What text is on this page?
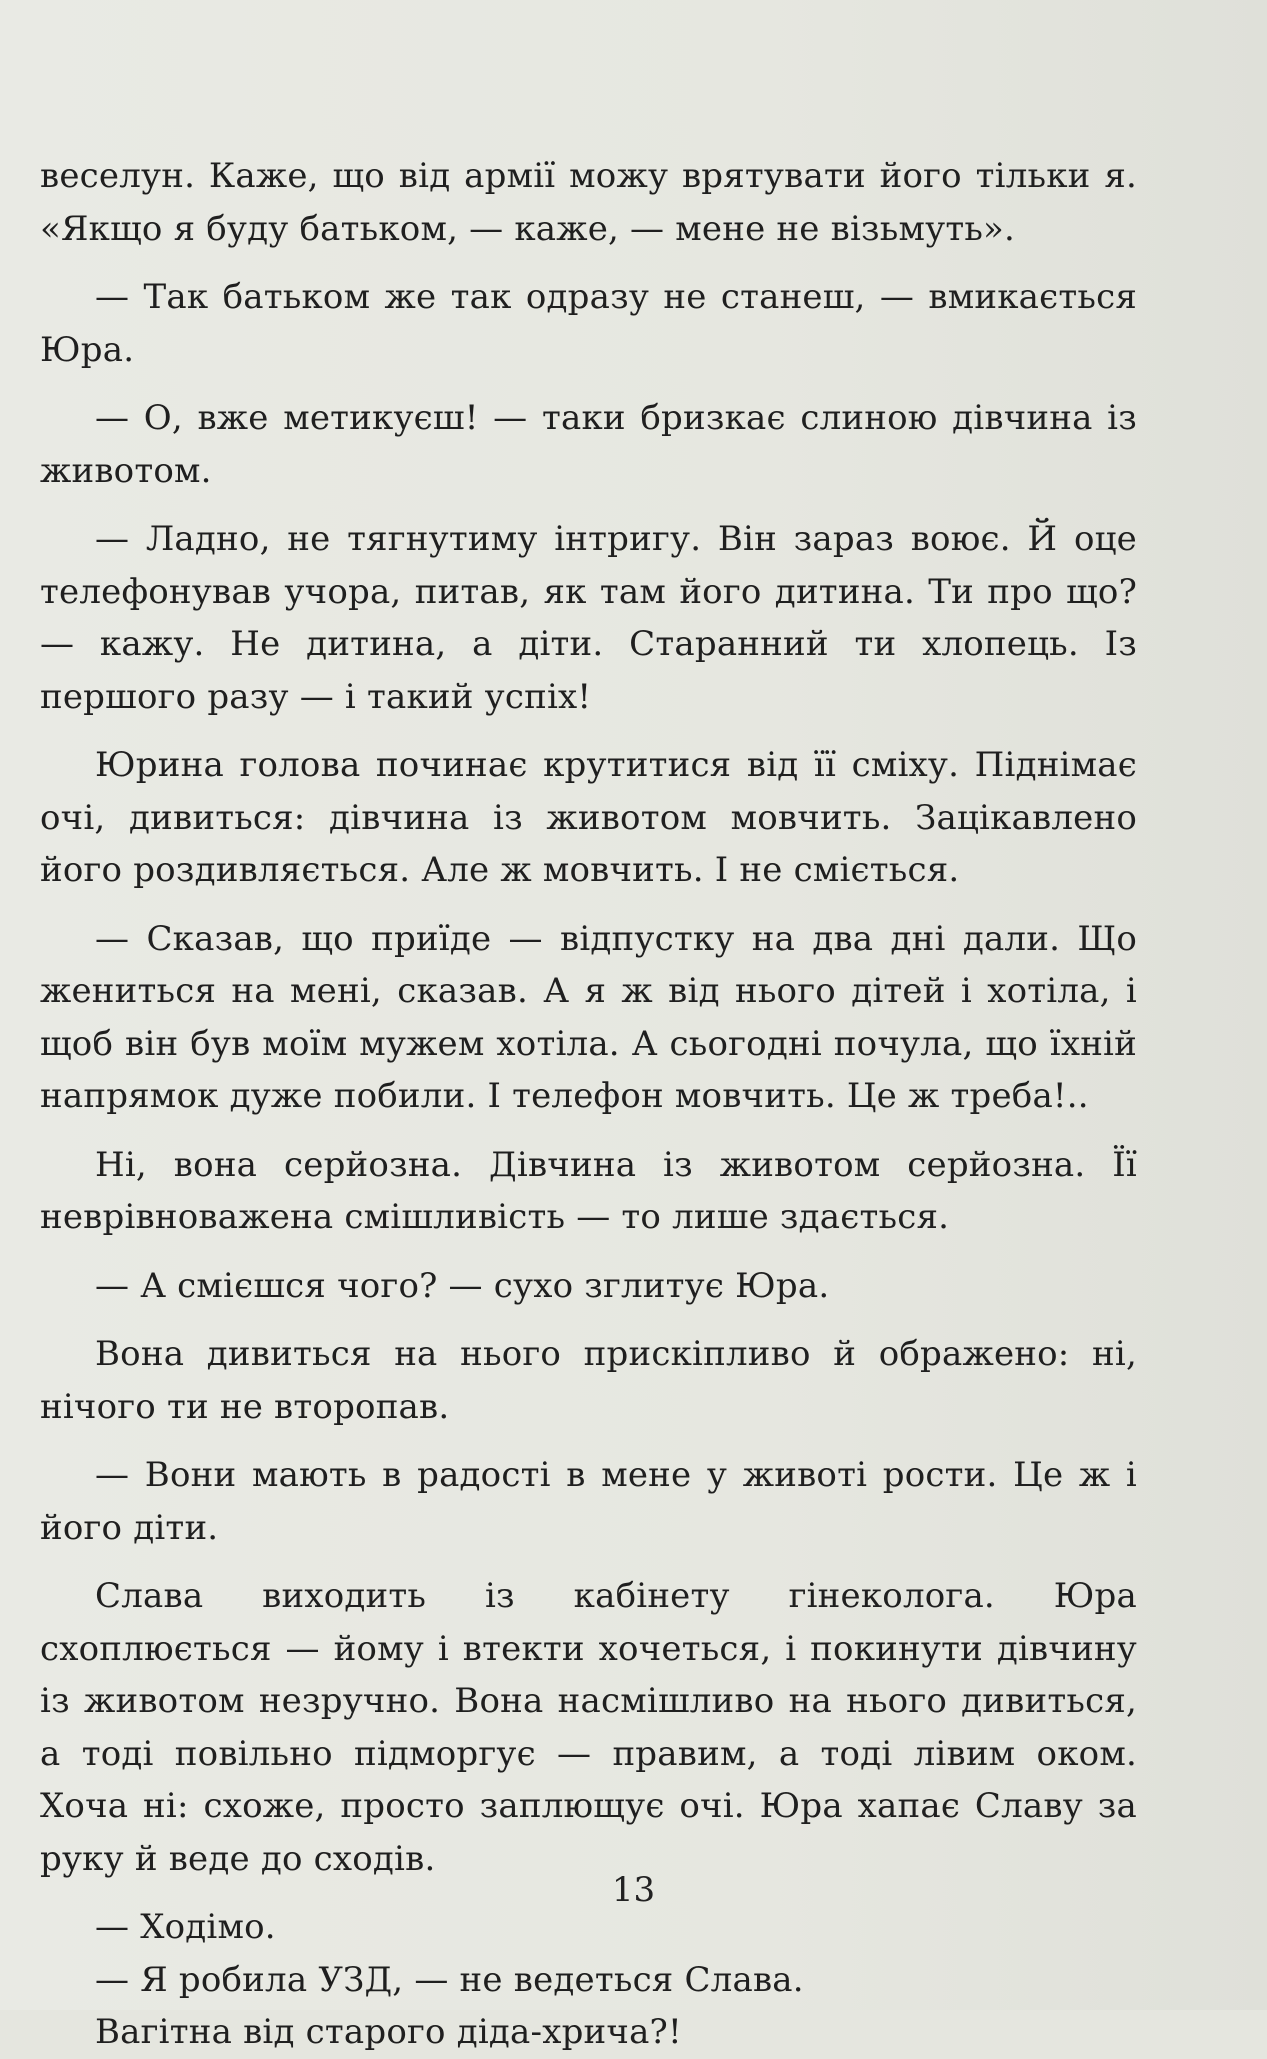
веселун. Каже, що від армії можу врятувати його тільки я. «Якщо я буду батьком, — каже, — мене не візьмуть».

— Так батьком же так одразу не станеш, — вмикається Юра.

— О, вже метикуєш! — таки бризкає слиною дівчина із животом.

— Ладно, не тягнутиму інтригу. Він зараз воює. Й оце телефонував учора, питав, як там його дитина. Ти про що? — кажу. Не дитина, а діти. Старанний ти хлопець. Із першого разу — і такий успіх!

Юрина голова починає крутитися від її сміху. Піднімає очі, дивиться: дівчина із животом мовчить. Зацікавлено його роздивляється. Але ж мовчить. І не сміється.

— Сказав, що приїде — відпустку на два дні дали. Що жениться на мені, сказав. А я ж від нього дітей і хотіла, і щоб він був моїм мужем хотіла. А сьогодні почула, що їхній напрямок дуже побили. І телефон мовчить. Це ж треба!..

Ні, вона серйозна. Дівчина із животом серйозна. Її неврівноважена смішливість — то лише здається.

— А смієшся чого? — сухо зглитує Юра.

Вона дивиться на нього прискіпливо й ображено: ні, нічого ти не второпав.

— Вони мають в радості в мене у животі рости. Це ж і його діти.

Слава виходить із кабінету гінеколога. Юра схоплюється — йому і втекти хочеться, і покинути дівчину із животом незручно. Вона насмішливо на нього дивиться, а тоді повільно підморгує — правим, а тоді лівим оком. Хоча ні: схоже, просто заплющує очі. Юра хапає Славу за руку й веде до сходів.

— Ходімо.

— Я робила УЗД, — не ведеться Слава.

Вагітна від старого діда-хрича?!

13
